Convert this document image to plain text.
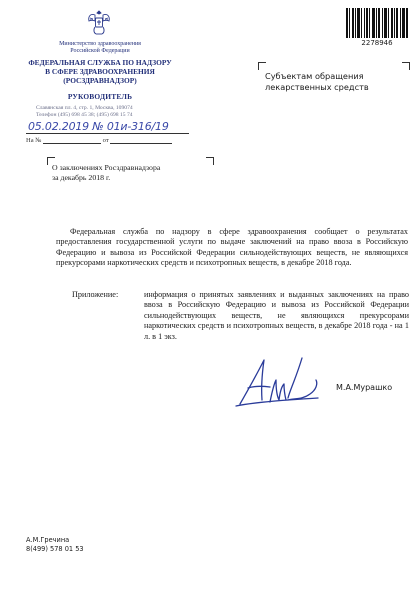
Министерство здравоохранения
Российской Федерации
ФЕДЕРАЛЬНАЯ СЛУЖБА ПО НАДЗОРУ
В СФЕРЕ ЗДРАВООХРАНЕНИЯ
(РОСЗДРАВНАДЗОР)
РУКОВОДИТЕЛЬ
Славянская пл. 4, стр. 1, Москва, 109074
Телефон (495) 698 45 38; (495) 698 15 74
05.02.2019 № 01и-316/19
На №	от
2278946
Субъектам обращения
лекарственных средств
О заключениях Росздравнадзора
за декабрь 2018 г.
Федеральная служба по надзору в сфере здравоохранения сообщает о результатах предоставления государственной услуги по выдаче заключений на право ввоза в Российскую Федерацию и вывоза из Российской Федерации сильнодействующих веществ, не являющихся прекурсорами наркотических средств и психотропных веществ, в декабре 2018 года.
Приложение:	информация о принятых заявлениях и выданных заключениях на право ввоза в Российскую Федерацию и вывоза из Российской Федерации сильнодействующих веществ, не являющихся прекурсорами наркотических средств и психотропных веществ, в декабре 2018 года - на 1 л. в 1 экз.
М.А.Мурашко
А.М.Гречина
8(499) 578 01 53
